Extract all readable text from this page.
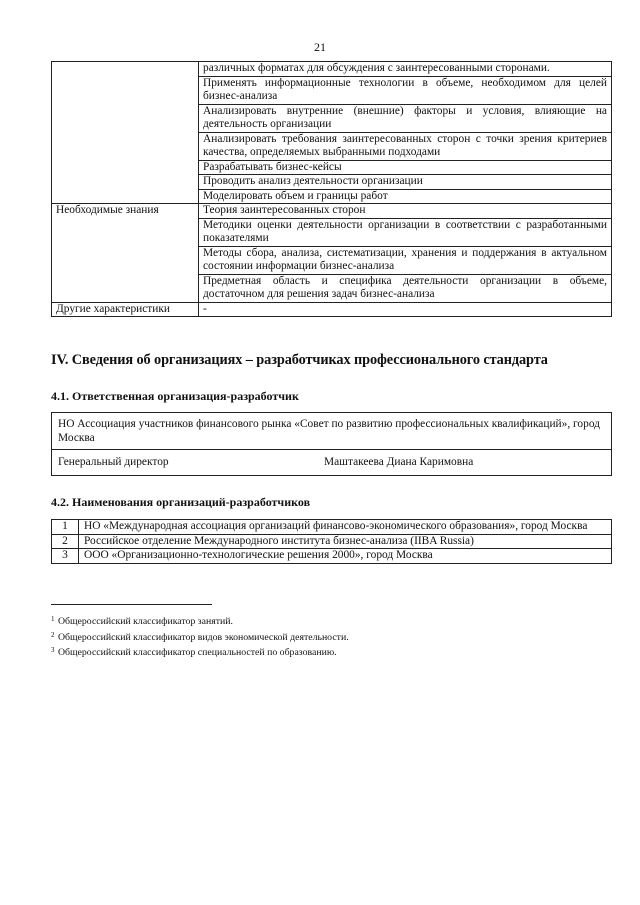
21
	различных форматах для обсуждения с заинтересованными сторонами.
	Применять информационные технологии в объеме, необходимом для целей бизнес-анализа
	Анализировать внутренние (внешние) факторы и условия, влияющие на деятельность организации
	Анализировать требования заинтересованных сторон с точки зрения критериев качества, определяемых выбранными подходами
	Разрабатывать бизнес-кейсы
	Проводить анализ деятельности организации
	Моделировать объем и границы работ
Необходимые знания	Теория заинтересованных сторон
	Методики оценки деятельности организации в соответствии с разработанными показателями
	Методы сбора, анализа, систематизации, хранения и поддержания в актуальном состоянии информации бизнес-анализа
	Предметная область и специфика деятельности организации в объеме, достаточном для решения задач бизнес-анализа
Другие характеристики	-
IV. Сведения об организациях – разработчиках профессионального стандарта
4.1. Ответственная организация-разработчик
НО Ассоциация участников финансового рынка «Совет по развитию профессиональных квалификаций», город Москва
Генеральный директор	Маштакеева Диана Каримовна
4.2. Наименования организаций-разработчиков
1	НО «Международная ассоциация организаций финансово-экономического образования», город Москва
2	Российское отделение Международного института бизнес-анализа (IIBA Russia)
3	ООО «Организационно-технологические решения 2000», город Москва
$^1$ Общероссийский классификатор занятий.
$^2$ Общероссийский классификатор видов экономической деятельности.
$^3$ Общероссийский классификатор специальностей по образованию.
